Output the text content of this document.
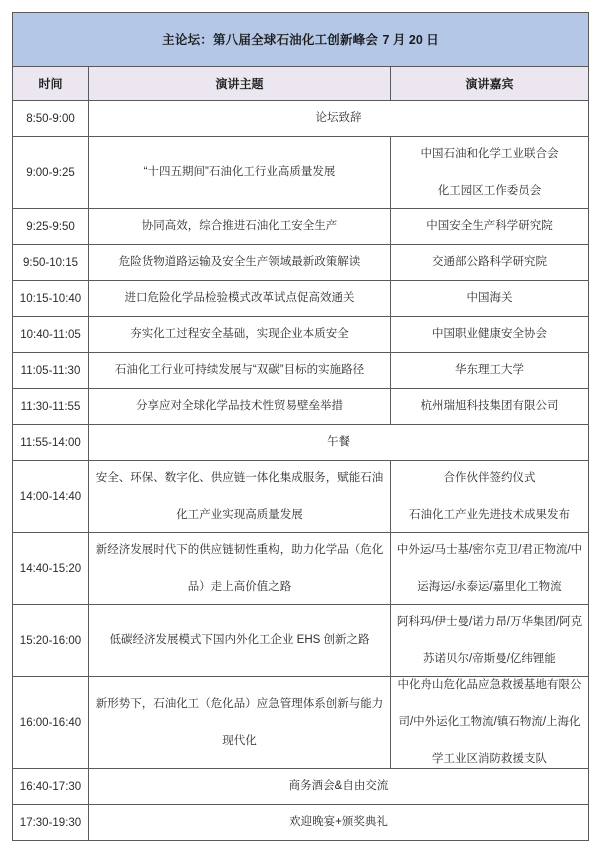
主论坛：第八届全球石油化工创新峰会 7 月 20 日		
时间	演讲主题	演讲嘉宾
8:50-9:00	论坛致辞	
9:00-9:25	“十四五期间”石油化工行业高质量发展	中国石油和化学工业联合会
化工园区工作委员会

9:25-9:50	协同高效，综合推进石油化工安全生产	中国安全生产科学研究院

9:50-10:15	危险货物道路运输及安全生产领域最新政策解读	交通部公路科学研究院

10:15-10:40	进口危险化学品检验模式改革试点促高效通关	中国海关

10:40-11:05	夯实化工过程安全基础，实现企业本质安全	中国职业健康安全协会

11:05-11:30	石油化工行业可持续发展与“双碳”目标的实施路径	华东理工大学

11:30-11:55	分享应对全球化学品技术性贸易壁垒举措	杭州瑞旭科技集团有限公司

11:55-14:00	午餐	
14:00-14:40	安全、环保、数字化、供应链一体化集成服务，赋能石油
化工产业实现高质量发展	合作伙伴签约仪式
石油化工产业先进技术成果发布

14:40-15:20	新经济发展时代下的供应链韧性重构，助力化学品（危化
品）走上高价值之路	中外运/马士基/密尔克卫/君正物流/中
运海运/永泰运/嘉里化工物流

15:20-16:00	低碳经济发展模式下国内外化工企业 EHS 创新之路	阿科玛/伊士曼/诺力昂/万华集团/阿克
苏诺贝尔/帝斯曼/亿纬锂能

16:00-16:40	新形势下，石油化工（危化品）应急管理体系创新与能力
现代化	中化舟山危化品应急救援基地有限公
司/中外运化工物流/镇石物流/上海化
学工业区消防救援支队

16:40-17:30	商务酒会&自由交流	
17:30-19:30	欢迎晚宴+颁奖典礼	
